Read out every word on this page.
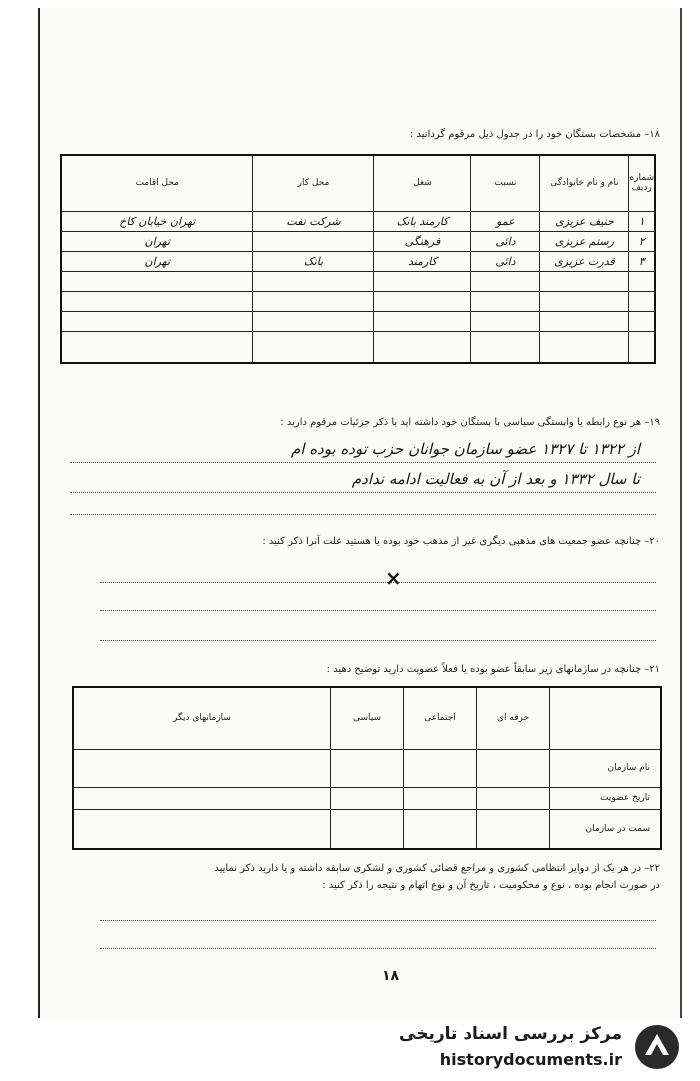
۱۸– مشخصات بستگان خود را در جدول ذیل مرقوم گردانید :
شماره ردیف	نام و نام خانوادگی	نسبت	شغل	محل کار	محل اقامت

۱	حنیف عزیزی	عمو	کارمند بانک	شرکت نفت	تهران خیابان کاخ

۲	رستم عزیزی	دائی	فرهنگی		تهران

۳	قدرت عزیزی	دائی	کارمند	بانک	تهران

۱۹– هر نوع رابطه یا وابستگی سیاسی با بستگان خود داشته اید با ذکر جزئیات مرقوم دارید :
از ۱۳۲۲ تا ۱۳۲۷ عضو سازمان جوانان حزب توده بوده ام
تا سال ۱۳۳۲ و بعد از آن به فعالیت ادامه ندادم
۲۰– چنانچه عضو جمعیت های مذهبی دیگری غیر از مذهب خود بوده یا هستید علت آنرا ذکر کنید :
×
۲۱– چنانچه در سازمانهای زیر سابقاً عضو بوده یا فعلاً عضویت دارید توضیح دهید :
	حرفه ای	اجتماعی	سیاسی	سازمانهای دیگر
نام سازمان				
تاریخ عضویت				
سمت در سازمان				
۲۲– در هر یک از دوایر انتظامی کشوری و مراجع قضائی کشوری و لشکری سابقه داشته و یا دارید ذکر نمایید
در صورت انجام بوده ، نوع و محکومیت ، تاریخ آن و نوع اتهام و نتیجه را ذکر کنید :
۱۸
مرکز بررسی اسناد تاریخی
historydocuments.ir
